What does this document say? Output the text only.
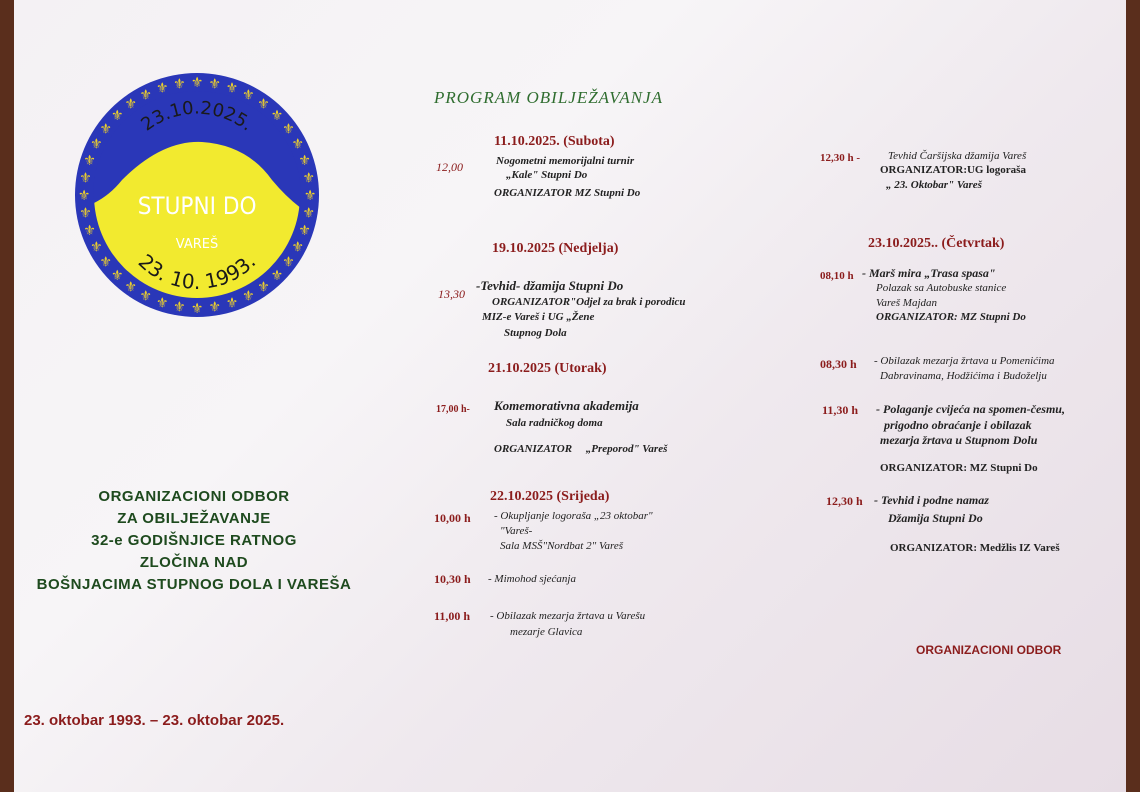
⚜
⚜
⚜
⚜
⚜
⚜
⚜
⚜
⚜
⚜
⚜
⚜
⚜
⚜
⚜
⚜
⚜
⚜
⚜
⚜
⚜
⚜
⚜
⚜
⚜
⚜
⚜
⚜ ⚜ ⚜ ⚜ ⚜ ⚜ ⚜
⚜
⚜
⚜
⚜
⚜
⚜
23.10.2025.
STUPNI DO
VAREŠ
23. 10. 1993.
PROGRAM OBILJEŽAVANJA
11.10.2025. (Subota)
12,00	Nogometni memorijalni turnir
„Kale" Stupni Do
ORGANIZATOR MZ Stupni Do
19.10.2025 (Nedjelja)
13,30
-Tevhid- džamija Stupni Do
ORGANIZATOR"Odjel za brak i porodicu
MIZ-e Vareš i UG „Žene
Stupnog Dola
21.10.2025 (Utorak)
17,00 h- Komemorativna akademija
Sala radničkog doma
ORGANIZATOR     „Preporod" Vareš
22.10.2025 (Srijeda)
10,00 h - Okupljanje logoraša „23 oktobar"
"Vareš-
Sala MSŠ"Nordbat 2" Vareš
10,30 h - Mimohod sjećanja
11,00 h - Obilazak mezarja žrtava u Varešu
mezarje Glavica
12,30 h -	Tevhid Čaršijska džamija Vareš
ORGANIZATOR:UG logoraša
„ 23. Oktobar" Vareš
23.10.2025.. (Četvrtak)
08,10 h - Marš mira „Trasa spasa"
Polazak sa Autobuske stanice
Vareš Majdan
ORGANIZATOR: MZ Stupni Do
08,30 h - Obilazak mezarja žrtava u Pomenićima
Dabravinama, Hodžićima i Budoželju
11,30 h - Polaganje cvijeća na spomen-česmu,
prigodno obraćanje i obilazak
mezarja žrtava u Stupnom Dolu
ORGANIZATOR: MZ Stupni Do
12,30 h - Tevhid i podne namaz
Džamija Stupni Do
ORGANIZATOR: Medžlis IZ Vareš
ORGANIZACIONI ODBOR
ORGANIZACIONI ODBOR
ZA OBILJEŽAVANJE
32-e GODIŠNJICE RATNOG
ZLOČINA NAD
BOŠNJACIMA STUPNOG DOLA I VAREŠA
23. oktobar 1993. – 23. oktobar 2025.
